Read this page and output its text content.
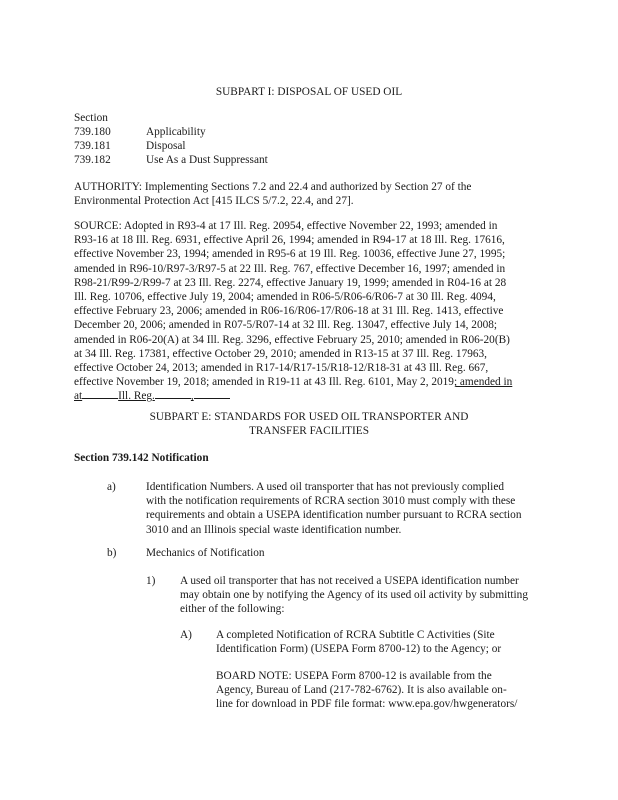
SUBPART I: DISPOSAL OF USED OIL
Section
739.180	Applicability
739.181	Disposal
739.182	Use As a Dust Suppressant
AUTHORITY: Implementing Sections 7.2 and 22.4 and authorized by Section 27 of the
Environmental Protection Act [415 ILCS 5/7.2, 22.4, and 27].
SOURCE: Adopted in R93-4 at 17 Ill. Reg. 20954, effective November 22, 1993; amended in
R93-16 at 18 Ill. Reg. 6931, effective April 26, 1994; amended in R94-17 at 18 Ill. Reg. 17616,
effective November 23, 1994; amended in R95-6 at 19 Ill. Reg. 10036, effective June 27, 1995;
amended in R96-10/R97-3/R97-5 at 22 Ill. Reg. 767, effective December 16, 1997; amended in
R98-21/R99-2/R99-7 at 23 Ill. Reg. 2274, effective January 19, 1999; amended in R04-16 at 28
Ill. Reg. 10706, effective July 19, 2004; amended in R06-5/R06-6/R06-7 at 30 Ill. Reg. 4094,
effective February 23, 2006; amended in R06-16/R06-17/R06-18 at 31 Ill. Reg. 1413, effective
December 20, 2006; amended in R07-5/R07-14 at 32 Ill. Reg. 13047, effective July 14, 2008;
amended in R06-20(A) at 34 Ill. Reg. 3296, effective February 25, 2010; amended in R06-20(B)
at 34 Ill. Reg. 17381, effective October 29, 2010; amended in R13-15 at 37 Ill. Reg. 17963,
effective October 24, 2013; amended in R17-14/R17-15/R18-12/R18-31 at 43 Ill. Reg. 667,
effective November 19, 2018; amended in R19-11 at 43 Ill. Reg. 6101, May 2, 2019; amended in
at	Ill. Reg.	,
SUBPART E: STANDARDS FOR USED OIL TRANSPORTER AND
TRANSFER FACILITIES
Section 739.142 Notification
a)	Identification Numbers. A used oil transporter that has not previously complied
with the notification requirements of RCRA section 3010 must comply with these
requirements and obtain a USEPA identification number pursuant to RCRA section
3010 and an Illinois special waste identification number.
b)	Mechanics of Notification
1) A used oil transporter that has not received a USEPA identification number
may obtain one by notifying the Agency of its used oil activity by submitting
either of the following:
A) A completed Notification of RCRA Subtitle C Activities (Site
Identification Form) (USEPA Form 8700-12) to the Agency; or
BOARD NOTE: USEPA Form 8700-12 is available from the
Agency, Bureau of Land (217-782-6762). It is also available on-
line for download in PDF file format: www.epa.gov/hwgenerators/
